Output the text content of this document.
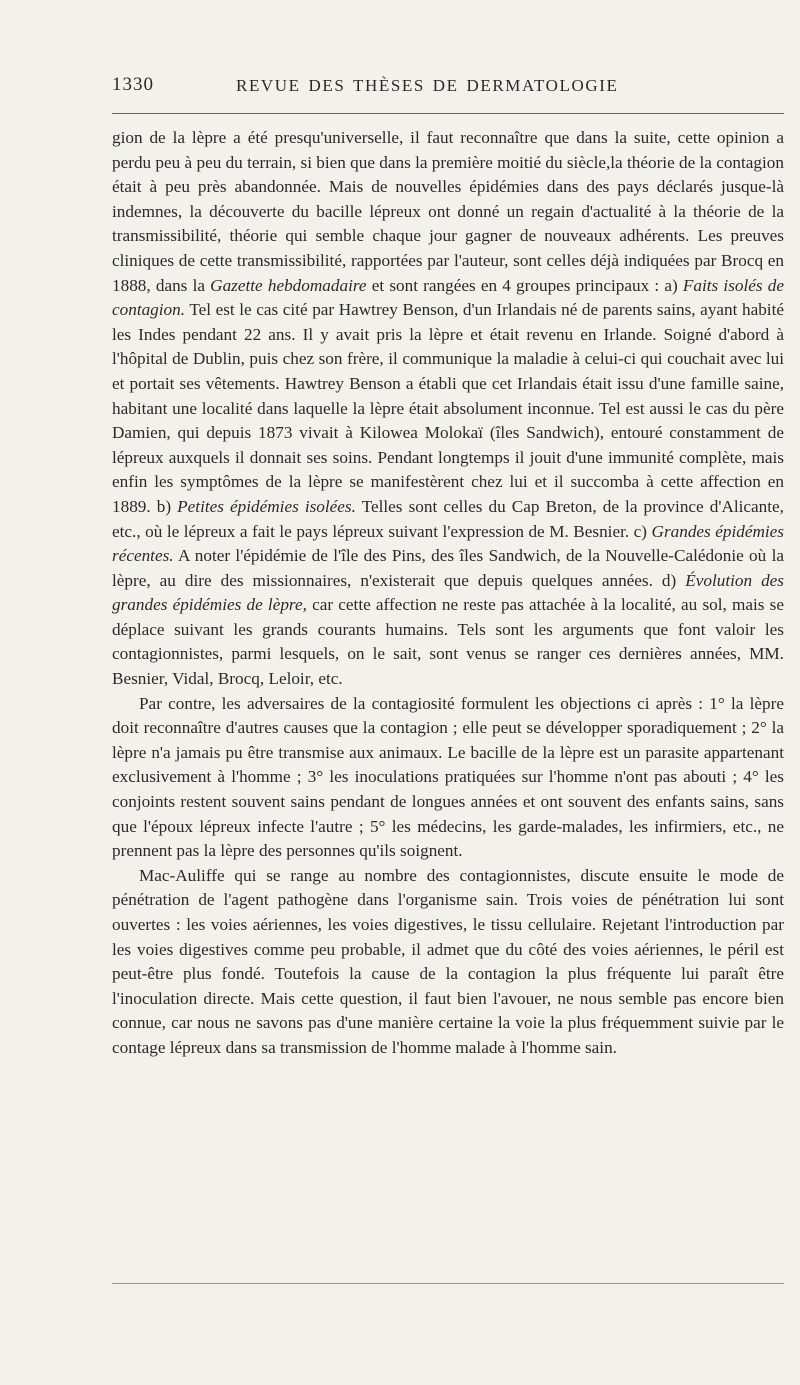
1330	REVUE DES THÈSES DE DERMATOLOGIE

gion de la lèpre a été presqu'universelle, il faut reconnaître que dans la suite, cette opinion a perdu peu à peu du terrain, si bien que dans la première moitié du siècle,la théorie de la contagion était à peu près abandonnée. Mais de nouvelles épidémies dans des pays déclarés jusque-là indemnes, la découverte du bacille lépreux ont donné un regain d'actualité à la théorie de la transmissibilité, théorie qui semble chaque jour gagner de nouveaux adhérents. Les preuves cliniques de cette transmissibilité, rapportées par l'auteur, sont celles déjà indiquées par Brocq en 1888, dans la Gazette hebdomadaire et sont rangées en 4 groupes principaux : a) Faits isolés de contagion. Tel est le cas cité par Hawtrey Benson, d'un Irlandais né de parents sains, ayant habité les Indes pendant 22 ans. Il y avait pris la lèpre et était revenu en Irlande. Soigné d'abord à l'hôpital de Dublin, puis chez son frère, il communique la maladie à celui-ci qui couchait avec lui et portait ses vêtements. Hawtrey Benson a établi que cet Irlandais était issu d'une famille saine, habitant une localité dans laquelle la lèpre était absolument inconnue. Tel est aussi le cas du père Damien, qui depuis 1873 vivait à Kilowea Molokaï (îles Sandwich), entouré constamment de lépreux auxquels il donnait ses soins. Pendant longtemps il jouit d'une immunité complète, mais enfin les symptômes de la lèpre se manifestèrent chez lui et il succomba à cette affection en 1889. b) Petites épidémies isolées. Telles sont celles du Cap Breton, de la province d'Alicante, etc., où le lépreux a fait le pays lépreux suivant l'expression de M. Besnier. c) Grandes épidémies récentes. A noter l'épidémie de l'île des Pins, des îles Sandwich, de la Nouvelle-Calédonie où la lèpre, au dire des missionnaires, n'existerait que depuis quelques années. d) Évolution des grandes épidémies de lèpre, car cette affection ne reste pas attachée à la localité, au sol, mais se déplace suivant les grands courants humains. Tels sont les arguments que font valoir les contagionnistes, parmi lesquels, on le sait, sont venus se ranger ces dernières années, MM. Besnier, Vidal, Brocq, Leloir, etc.

Par contre, les adversaires de la contagiosité formulent les objections ci après : 1° la lèpre doit reconnaître d'autres causes que la contagion ; elle peut se développer sporadiquement ; 2° la lèpre n'a jamais pu être transmise aux animaux. Le bacille de la lèpre est un parasite appartenant exclusivement à l'homme ; 3° les inoculations pratiquées sur l'homme n'ont pas abouti ; 4° les conjoints restent souvent sains pendant de longues années et ont souvent des enfants sains, sans que l'époux lépreux infecte l'autre ; 5° les médecins, les garde-malades, les infirmiers, etc., ne prennent pas la lèpre des personnes qu'ils soignent.

Mac-Auliffe qui se range au nombre des contagionnistes, discute ensuite le mode de pénétration de l'agent pathogène dans l'organisme sain. Trois voies de pénétration lui sont ouvertes : les voies aériennes, les voies digestives, le tissu cellulaire. Rejetant l'introduction par les voies digestives comme peu probable, il admet que du côté des voies aériennes, le péril est peut-être plus fondé. Toutefois la cause de la contagion la plus fréquente lui paraît être l'inoculation directe. Mais cette question, il faut bien l'avouer, ne nous semble pas encore bien connue, car nous ne savons pas d'une manière certaine la voie la plus fréquemment suivie par le contage lépreux dans sa transmission de l'homme malade à l'homme sain.
